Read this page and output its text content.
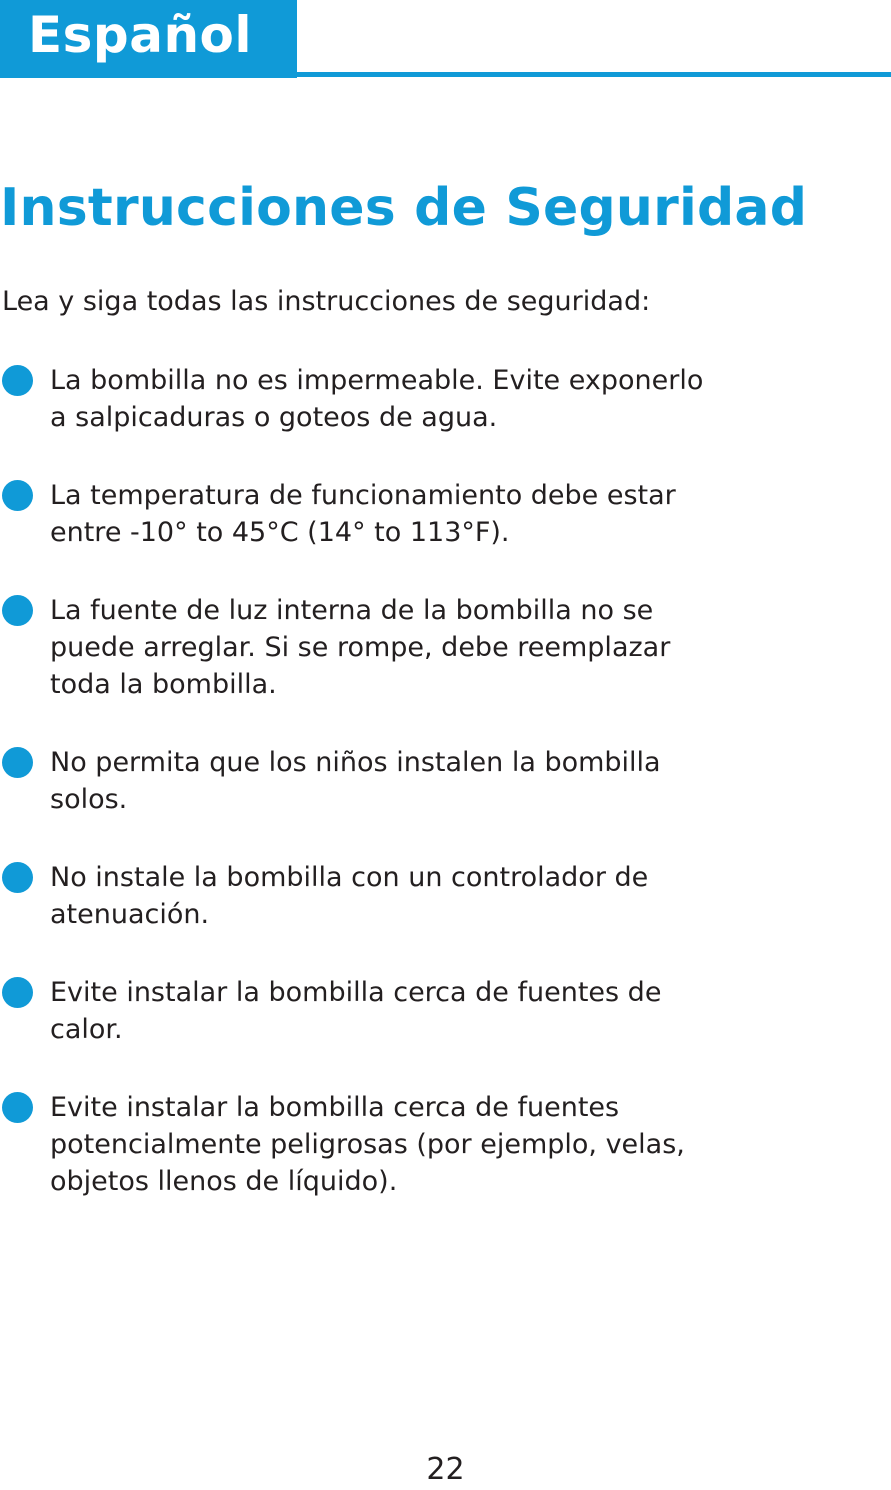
Español
Instrucciones de Seguridad

Lea y siga todas las instrucciones de seguridad:

La bombilla no es impermeable. Evite exponerlo
a salpicaduras o goteos de agua.
La temperatura de funcionamiento debe estar
entre -10° to 45°C (14° to 113°F).
La fuente de luz interna de la bombilla no se
puede arreglar. Si se rompe, debe reemplazar
toda la bombilla.
No permita que los niños instalen la bombilla
solos.
No instale la bombilla con un controlador de
atenuación.
Evite instalar la bombilla cerca de fuentes de
calor.
Evite instalar la bombilla cerca de fuentes
potencialmente peligrosas (por ejemplo, velas,
objetos llenos de líquido).
22
